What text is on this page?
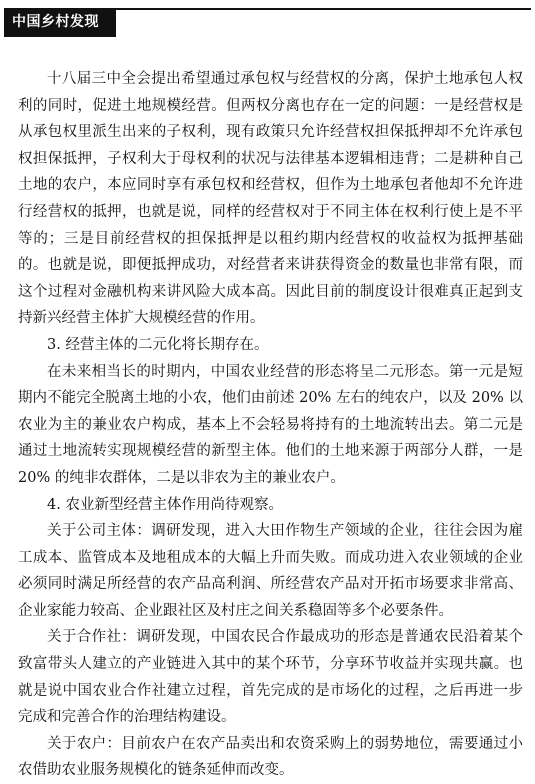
中国乡村发现

十八届三中全会提出希望通过承包权与经营权的分离，保护土地承包人权利的同时，促进土地规模经营。但两权分离也存在一定的问题：一是经营权是从承包权里派生出来的子权利，现有政策只允许经营权担保抵押却不允许承包权担保抵押，子权利大于母权利的状况与法律基本逻辑相违背；二是耕种自己土地的农户，本应同时享有承包权和经营权，但作为土地承包者他却不允许进行经营权的抵押，也就是说，同样的经营权对于不同主体在权利行使上是不平等的；三是目前经营权的担保抵押是以租约期内经营权的收益权为抵押基础的。也就是说，即便抵押成功，对经营者来讲获得资金的数量也非常有限，而这个过程对金融机构来讲风险大成本高。因此目前的制度设计很难真正起到支持新兴经营主体扩大规模经营的作用。

3. 经营主体的二元化将长期存在。

在未来相当长的时期内，中国农业经营的形态将呈二元形态。第一元是短期内不能完全脱离土地的小农，他们由前述 20% 左右的纯农户，以及 20% 以农业为主的兼业农户构成，基本上不会轻易将持有的土地流转出去。第二元是通过土地流转实现规模经营的新型主体。他们的土地来源于两部分人群，一是 20% 的纯非农群体，二是以非农为主的兼业农户。

4. 农业新型经营主体作用尚待观察。

关于公司主体：调研发现，进入大田作物生产领域的企业，往往会因为雇工成本、监管成本及地租成本的大幅上升而失败。而成功进入农业领域的企业必须同时满足所经营的农产品高利润、所经营农产品对开拓市场要求非常高、企业家能力较高、企业跟社区及村庄之间关系稳固等多个必要条件。

关于合作社：调研发现，中国农民合作最成功的形态是普通农民沿着某个致富带头人建立的产业链进入其中的某个环节，分享环节收益并实现共赢。也就是说中国农业合作社建立过程，首先完成的是市场化的过程，之后再进一步完成和完善合作的治理结构建设。

关于农户：目前农户在农产品卖出和农资采购上的弱势地位，需要通过小农借助农业服务规模化的链条延伸而改变。
